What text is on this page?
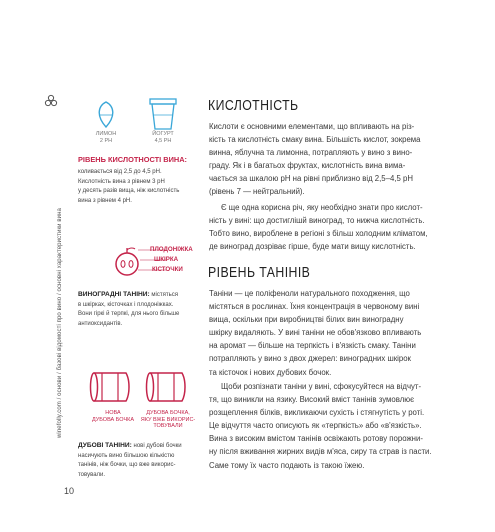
winefolly.com / основи / базові відомості про вино / основні характеристики вина
ЛИМОН
2 PH
ЙОГУРТ
4,5 PH
РІВЕНЬ КИСЛОТНОСТІ ВИНА:
коливається від 2,5 до 4,5 pH.
Кислотність вина з рівнем 3 pH
у десять разів вища, ніж кислотність
вина з рівнем 4 pH.
ПЛОДОНІЖКА
ШКІРКА
КІСТОЧКИ
ВИНОГРАДНІ ТАНІНИ: містяться
в шкірках, кісточках і плодоніжках.
Вони гіркі й терпкі, для нього більше
антиоксидантів.
НОВА
ДУБОВА БОЧКА
ДУБОВА БОЧКА,
ЯКУ ВЖЕ ВИКОРИС-
ТОВУВАЛИ
ДУБОВІ ТАНІНИ: нові дубові бочки
насичують вино більшою кількістю
танінів, ніж бочки, що вже викорис-
товували.
КИСЛОТНІСТЬ
Кислоти є основними елементами, що впливають на різ-
кість та кислотність смаку вина. Більшість кислот, зокрема
винна, яблучна та лимонна, потрапляють у вино з вино-
граду. Як і в багатьох фруктах, кислотність вина вима-
чається за шкалою pH на рівні приблизно від 2,5–4,5 pH
(рівень 7 — нейтральний).
Є ще одна корисна річ, яку необхідно знати про кислот-
ність у вині: що достиглішй виноград, то нижча кислотність.
Тобто вино, вироблене в регіоні з більш холодним кліматом,
де виноград дозріває гірше, буде мати вищу кислотність.
РІВЕНЬ ТАНІНІВ
Таніни — це поліфеноли натурального походження, що
містяться в рослинах. Їхня концентрація в червоному вині
вища, оскільки при виробництві білих вин виноградну
шкірку видаляють. У вині таніни не обов'язково впливають
на аромат — більше на терпкість і в'язкість смаку. Таніни
потрапляють у вино з двох джерел: виноградних шкірок
та кісточок і нових дубових бочок.
Щоби розпізнати таніни у вині, сфокусуйтеся на відчут-
тя, що виникли на язику. Високий вміст танінів зумовлює
розщеплення білків, викликаючи сухість і стягнутість у роті.
Це відчуття часто описують як «терпкість» або «в'язкість».
Вина з високим вмістом танінів освіжають ротову порожни-
ну після вживання жирних видів м'яса, сиру та страв із пасти.
Саме тому їх часто подають із такою їжею.
10
